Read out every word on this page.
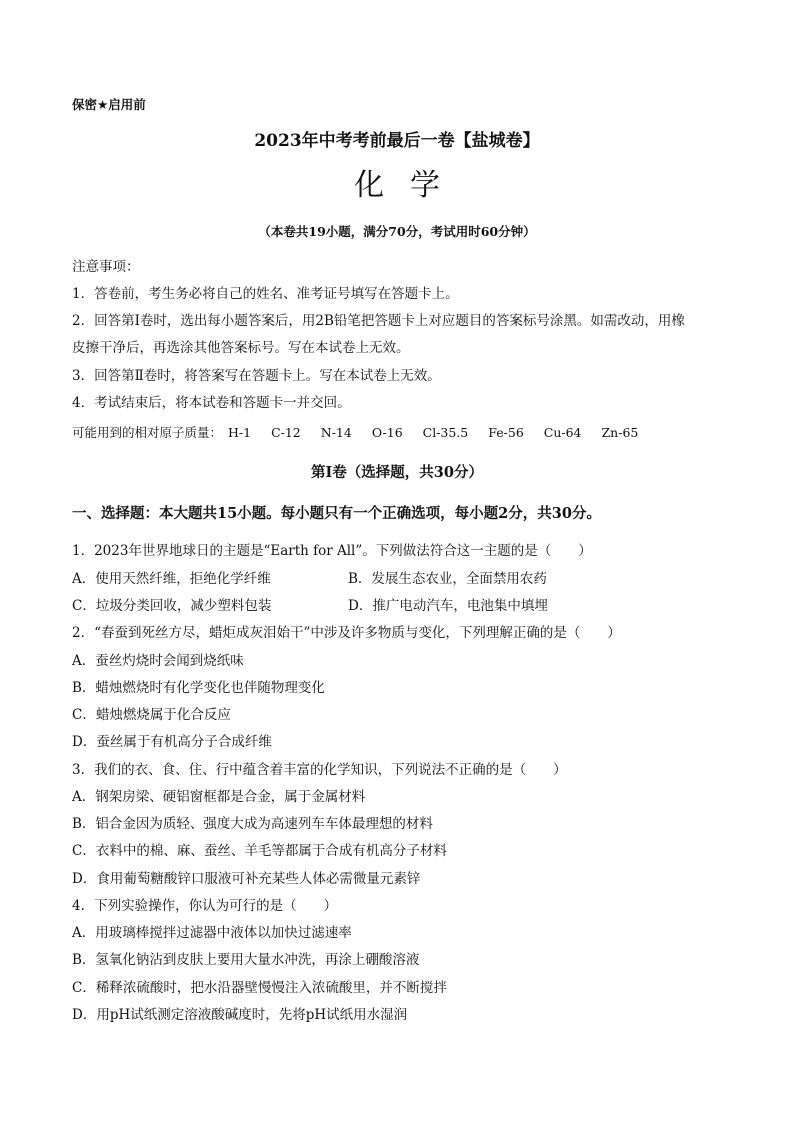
保密★启用前
2023年中考考前最后一卷【盐城卷】
化学
（本卷共19小题，满分70分，考试用时60分钟）
注意事项：
1．答卷前，考生务必将自己的姓名、准考证号填写在答题卡上。
2．回答第Ⅰ卷时，选出每小题答案后，用2B铅笔把答题卡上对应题目的答案标号涂黑。如需改动，用橡
皮擦干净后，再选涂其他答案标号。写在本试卷上无效。
3．回答第Ⅱ卷时，将答案写在答题卡上。写在本试卷上无效。
4．考试结束后，将本试卷和答题卡一并交回。
可能用到的相对原子质量： H-1 C-12 N-14 O-16 Cl-35.5 Fe-56 Cu-64 Zn-65
第Ⅰ卷（选择题，共30分）
一、选择题：本大题共15小题。每小题只有一个正确选项，每小题2分，共30分。
1．2023年世界地球日的主题是“Earth for All”。下列做法符合这一主题的是（　　）
A．使用天然纤维，拒绝化学纤维	B．发展生态农业，全面禁用农药
C．垃圾分类回收，减少塑料包装	D．推广电动汽车，电池集中填埋
2．“春蚕到死丝方尽，蜡炬成灰泪始干”中涉及许多物质与变化，下列理解正确的是（　　）
A．蚕丝灼烧时会闻到烧纸味
B．蜡烛燃烧时有化学变化也伴随物理变化
C．蜡烛燃烧属于化合反应
D．蚕丝属于有机高分子合成纤维
3．我们的衣、食、住、行中蕴含着丰富的化学知识，下列说法不正确的是（　　）
A．钢架房梁、硬铝窗框都是合金，属于金属材料
B．铝合金因为质轻、强度大成为高速列车车体最理想的材料
C．衣料中的棉、麻、蚕丝、羊毛等都属于合成有机高分子材料
D．食用葡萄糖酸锌口服液可补充某些人体必需微量元素锌
4．下列实验操作，你认为可行的是（　　）
A．用玻璃棒搅拌过滤器中液体以加快过滤速率
B．氢氧化钠沾到皮肤上要用大量水冲洗，再涂上硼酸溶液
C．稀释浓硫酸时，把水沿器壁慢慢注入浓硫酸里，并不断搅拌
D．用pH试纸测定溶液酸碱度时，先将pH试纸用水湿润
